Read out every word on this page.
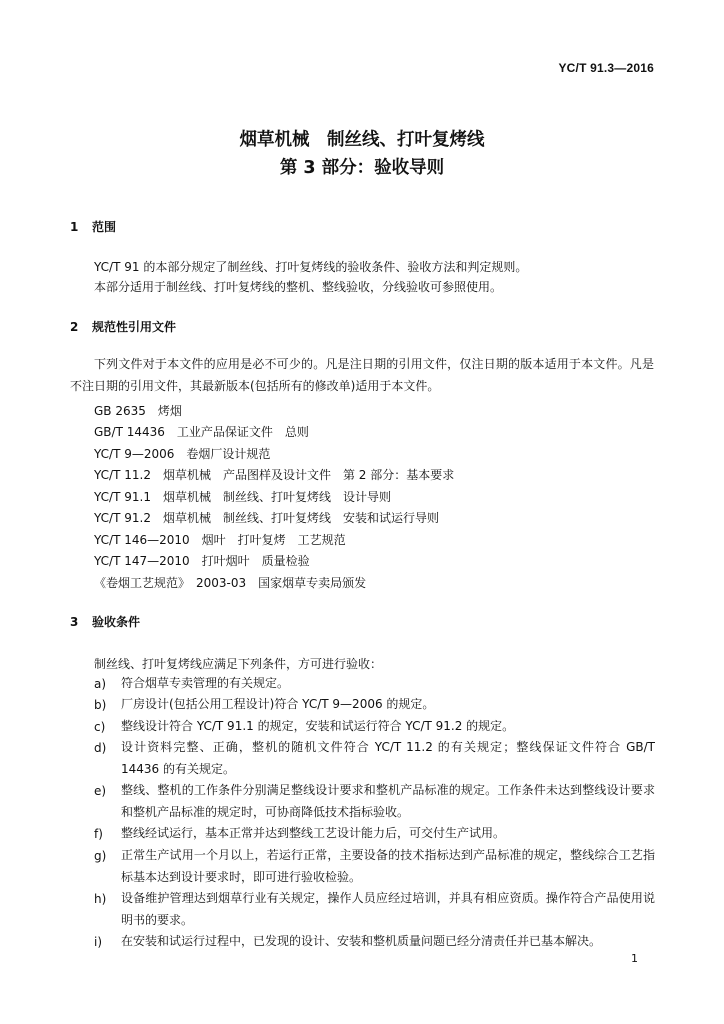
YC/T 91.3—2016
烟草机械　制丝线、打叶复烤线
第 3 部分：验收导则
1 范围
YC/T 91 的本部分规定了制丝线、打叶复烤线的验收条件、验收方法和判定规则。
本部分适用于制丝线、打叶复烤线的整机、整线验收，分线验收可参照使用。
2 规范性引用文件
下列文件对于本文件的应用是必不可少的。凡是注日期的引用文件，仅注日期的版本适用于本文件。凡是不注日期的引用文件，其最新版本(包括所有的修改单)适用于本文件。
GB 2635　烤烟
GB/T 14436　工业产品保证文件　总则
YC/T 9—2006　卷烟厂设计规范
YC/T 11.2　烟草机械　产品图样及设计文件　第 2 部分：基本要求
YC/T 91.1　烟草机械　制丝线、打叶复烤线　设计导则
YC/T 91.2　烟草机械　制丝线、打叶复烤线　安装和试运行导则
YC/T 146—2010　烟叶　打叶复烤　工艺规范
YC/T 147—2010　打叶烟叶　质量检验
《卷烟工艺规范》　2003-03　国家烟草专卖局颁发
3 验收条件
制丝线、打叶复烤线应满足下列条件，方可进行验收：
a) 符合烟草专卖管理的有关规定。
b) 厂房设计(包括公用工程设计)符合 YC/T 9—2006 的规定。
c) 整线设计符合 YC/T 91.1 的规定，安装和试运行符合 YC/T 91.2 的规定。
d) 设计资料完整、正确，整机的随机文件符合 YC/T 11.2 的有关规定；整线保证文件符合 GB/T 14436 的有关规定。
e) 整线、整机的工作条件分别满足整线设计要求和整机产品标准的规定。工作条件未达到整线设计要求和整机产品标准的规定时，可协商降低技术指标验收。
f) 整线经试运行，基本正常并达到整线工艺设计能力后，可交付生产试用。
g) 正常生产试用一个月以上，若运行正常，主要设备的技术指标达到产品标准的规定，整线综合工艺指标基本达到设计要求时，即可进行验收检验。
h) 设备维护管理达到烟草行业有关规定，操作人员应经过培训，并具有相应资质。操作符合产品使用说明书的要求。
i) 在安装和试运行过程中，已发现的设计、安装和整机质量问题已经分清责任并已基本解决。
1
